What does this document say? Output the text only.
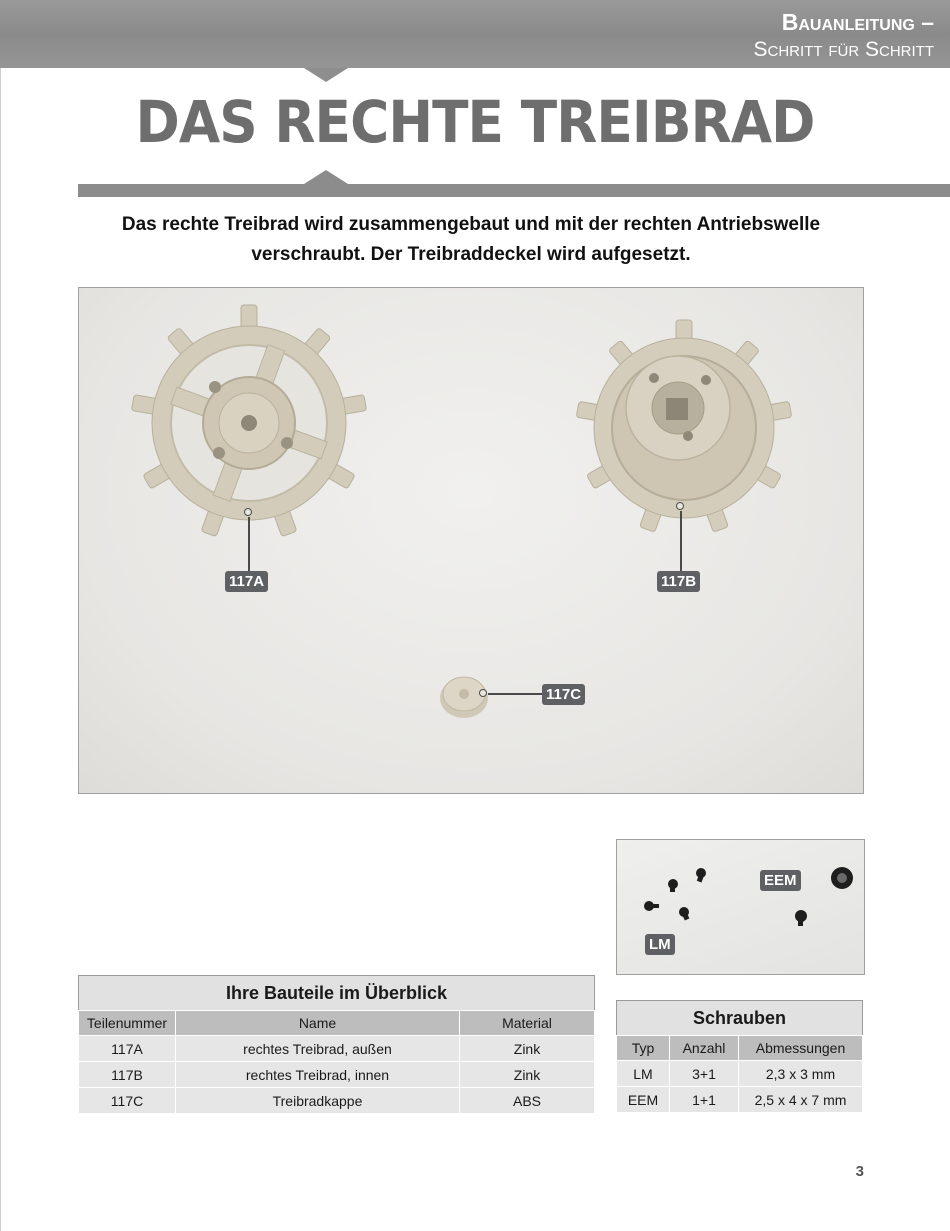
Bauanleitung –
Schritt für Schritt
DAS RECHTE TREIBRAD
Das rechte Treibrad wird zusammengebaut und mit der rechten Antriebswelle verschraubt. Der Treibraddeckel wird aufgesetzt.
117A	117B
117C
EEM
LM
Ihre Bauteile im Überblick
Teilenummer	Name	Material
117A	rechtes Treibrad, außen	Zink
117B	rechtes Treibrad, innen	Zink
117C	Treibradkappe	ABS
Schrauben
Typ	Anzahl	Abmessungen
LM	3+1	2,3 x 3 mm
EEM	1+1	2,5 x 4 x 7 mm
3
